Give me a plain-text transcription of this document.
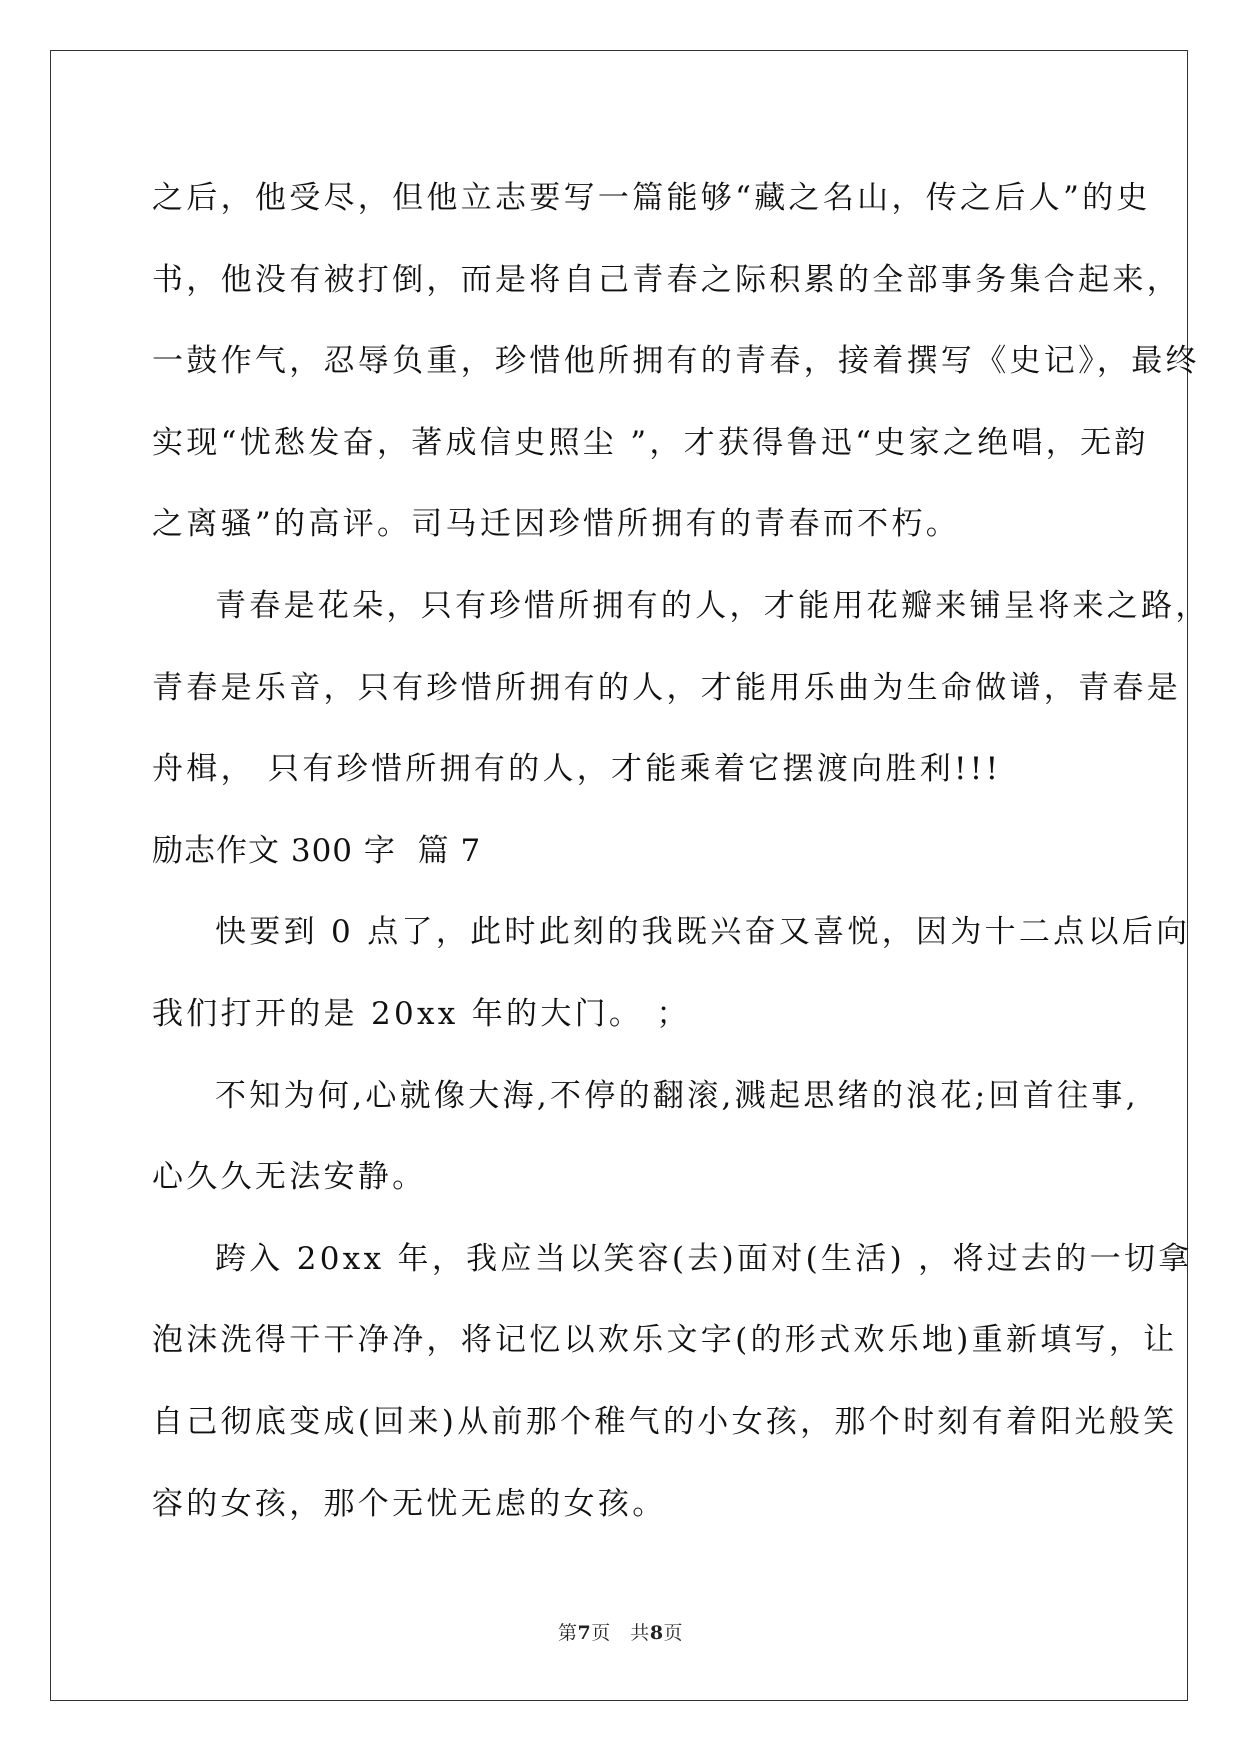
之后，他受尽，但他立志要写一篇能够“藏之名山，传之后人”的史

书，他没有被打倒，而是将自己青春之际积累的全部事务集合起来，

一鼓作气，忍辱负重，珍惜他所拥有的青春，接着撰写《史记》，最终

实现“忧愁发奋，著成信史照尘 ”，才获得鲁迅“史家之绝唱，无韵

之离骚”的高评。司马迁因珍惜所拥有的青春而不朽。

青春是花朵，只有珍惜所拥有的人，才能用花瓣来铺呈将来之路，

青春是乐音，只有珍惜所拥有的人，才能用乐曲为生命做谱，青春是

舟楫， 只有珍惜所拥有的人，才能乘着它摆渡向胜利!!!

励志作文 300 字  篇 7

快要到 0 点了，此时此刻的我既兴奋又喜悦，因为十二点以后向

我们打开的是 20xx 年的大门。 ；

不知为何,心就像大海,不停的翻滚,溅起思绪的浪花;回首往事,

心久久无法安静。

跨入 20xx 年，我应当以笑容(去)面对(生活) ，将过去的一切拿

泡沫洗得干干净净，将记忆以欢乐文字(的形式欢乐地)重新填写，让

自己彻底变成(回来)从前那个稚气的小女孩，那个时刻有着阳光般笑

容的女孩，那个无忧无虑的女孩。

第7页   共8页
